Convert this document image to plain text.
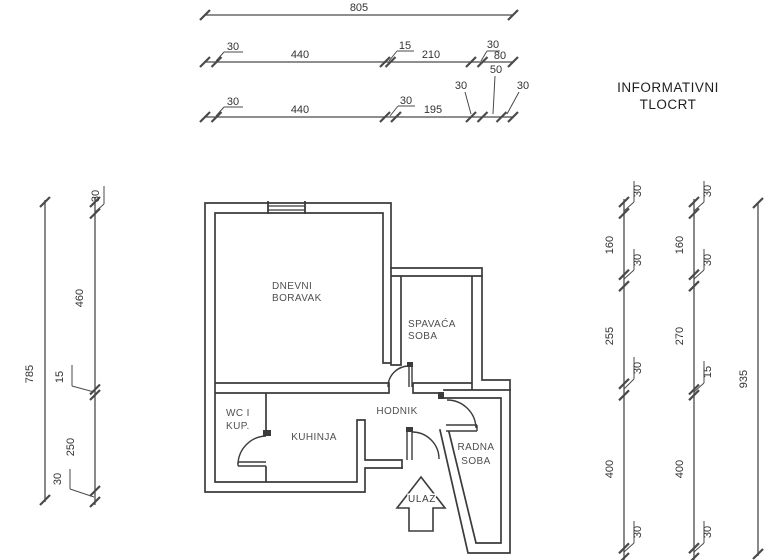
805
30
440
15
210
30
80
30
440
30
195
30
50
30
785
30
460
15
250
30
30
160
30
255
30
400
30
30
160
30
270
15
400
30
935
ULAZ
DNEVNI
BORAVAK
SPAVAĆA
SOBA
WC I
KUP.
KUHINJA
HODNIK
RADNA
SOBA
INFORMATIVNI
TLOCRT
